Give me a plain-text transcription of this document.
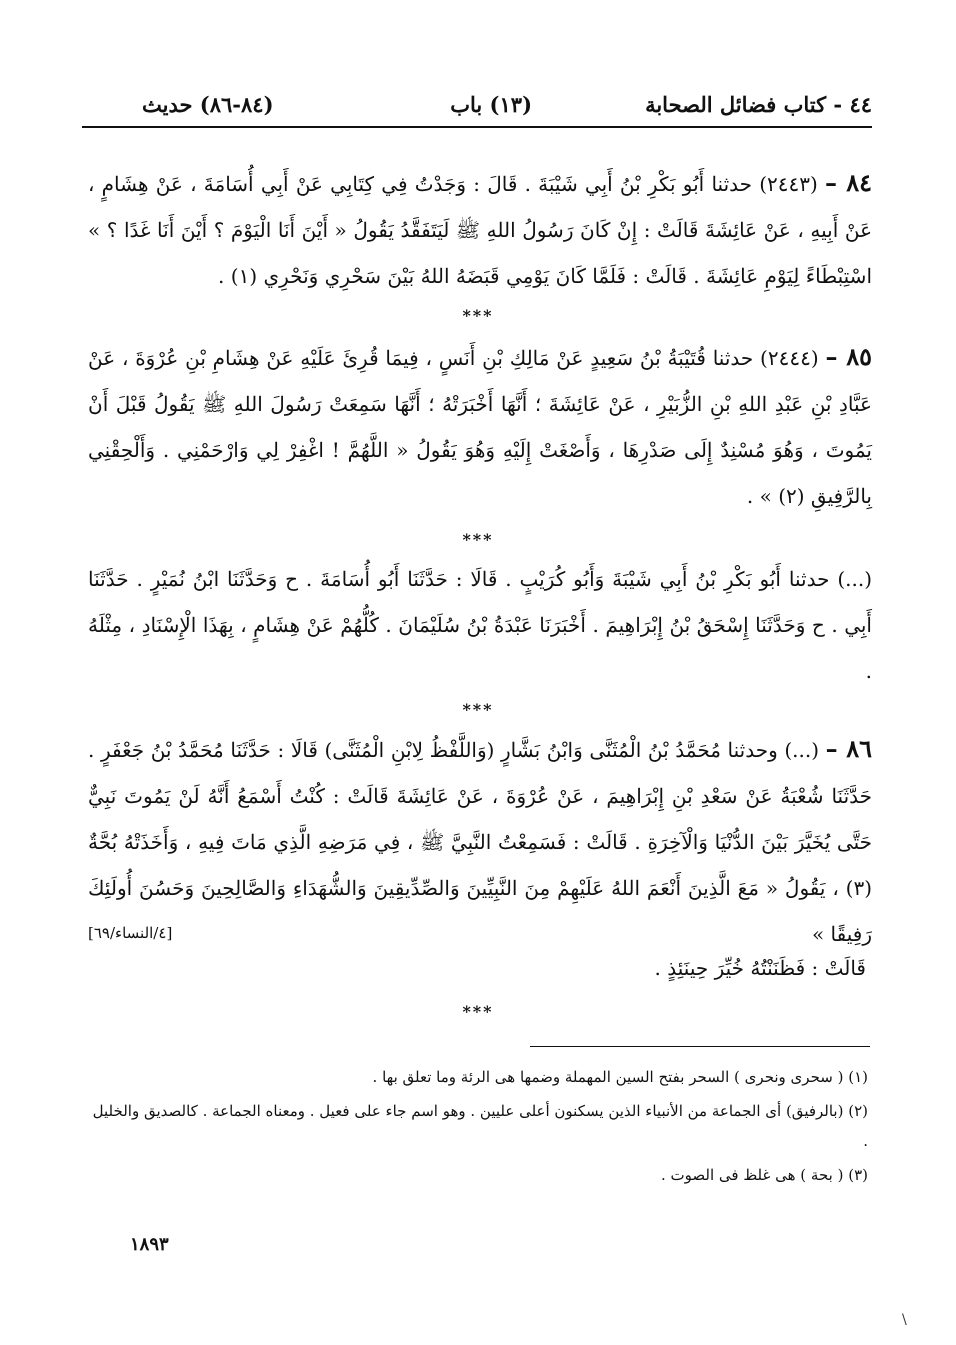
٤٤ - كتاب فضائل الصحابة
(١٣) باب
(٨٤-٨٦) حديث

٨٤ – (٢٤٤٣) حدثنا أَبُو بَكْرِ بْنُ أَبِي شَيْبَةَ . قَالَ : وَجَدْتُ فِي كِتَابِي عَنْ أَبِي أُسَامَةَ ، عَنْ هِشَامٍ ، عَنْ أَبِيهِ ، عَنْ عَائِشَةَ قَالَتْ : إِنْ كَانَ رَسُولُ اللهِ ﷺ لَيَتَفَقَّدُ يَقُولُ « أَيْنَ أَنَا الْيَوْمَ ؟ أَيْنَ أَنَا غَدًا ؟ » اسْتِبْطَاءً لِيَوْمِ عَائِشَةَ . قَالَتْ : فَلَمَّا كَانَ يَوْمِي قَبَضَهُ اللهُ بَيْنَ سَحْرِي وَنَحْرِي (١) .

***

٨٥ – (٢٤٤٤) حدثنا قُتَيْبَةُ بْنُ سَعِيدٍ عَنْ مَالِكِ بْنِ أَنَسٍ ، فِيمَا قُرِئَ عَلَيْهِ عَنْ هِشَامِ بْنِ عُرْوَةَ ، عَنْ عَبَّادِ بْنِ عَبْدِ اللهِ بْنِ الزُّبَيْرِ ، عَنْ عَائِشَةَ ؛ أَنَّهَا أَخْبَرَتْهُ ؛ أَنَّهَا سَمِعَتْ رَسُولَ اللهِ ﷺ يَقُولُ قَبْلَ أَنْ يَمُوتَ ، وَهُوَ مُسْنِدٌ إِلَى صَدْرِهَا ، وَأَصْغَتْ إِلَيْهِ وَهُوَ يَقُولُ « اللَّهُمَّ ! اغْفِرْ لِي وَارْحَمْنِي . وَأَلْحِقْنِي بِالرَّفِيقِ (٢) » .

***

(...) حدثنا أَبُو بَكْرِ بْنُ أَبِي شَيْبَةَ وَأَبُو كُرَيْبٍ . قَالَا : حَدَّثَنَا أَبُو أُسَامَةَ . ح وَحَدَّثَنَا ابْنُ نُمَيْرٍ . حَدَّثَنَا أَبِي . ح وَحَدَّثَنَا إِسْحَقُ بْنُ إِبْرَاهِيمَ . أَخْبَرَنَا عَبْدَةُ بْنُ سُلَيْمَانَ . كُلُّهُمْ عَنْ هِشَامٍ ، بِهَذَا الْإِسْنَادِ ، مِثْلَهُ .

***

٨٦ – (...) وحدثنا مُحَمَّدُ بْنُ الْمُثَنَّى وَابْنُ بَشَّارٍ (وَاللَّفْظُ لِابْنِ الْمُثَنَّى) قَالَا : حَدَّثَنَا مُحَمَّدُ بْنُ جَعْفَرٍ . حَدَّثَنَا شُعْبَةُ عَنْ سَعْدِ بْنِ إِبْرَاهِيمَ ، عَنْ عُرْوَةَ ، عَنْ عَائِشَةَ قَالَتْ : كُنْتُ أَسْمَعُ أَنَّهُ لَنْ يَمُوتَ نَبِيٌّ حَتَّى يُخَيَّرَ بَيْنَ الدُّنْيَا وَالْآخِرَةِ . قَالَتْ : فَسَمِعْتُ النَّبِيَّ ﷺ ، فِي مَرَضِهِ الَّذِي مَاتَ فِيهِ ، وَأَخَذَتْهُ بُحَّةٌ (٣) ، يَقُولُ « مَعَ الَّذِينَ أَنْعَمَ اللهُ عَلَيْهِمْ مِنَ النَّبِيِّينَ وَالصِّدِّيقِينَ وَالشُّهَدَاءِ وَالصَّالِحِينَ وَحَسُنَ أُولَئِكَ رَفِيقًا »

[٤/النساء/٦٩]
قَالَتْ : فَظَنَنْتُهُ خُيِّرَ حِينَئِذٍ .
***

(١) ( سحرى ونحرى ) السحر بفتح السين المهملة وضمها هى الرئة وما تعلق بها .

(٢) (بالرفيق) أى الجماعة من الأنبياء الذين يسكنون أعلى عليين . وهو اسم جاء على فعيل . ومعناه الجماعة . كالصديق والخليل .

(٣) ( بحة ) هى غلظ فى الصوت .

١٨٩٣
\
